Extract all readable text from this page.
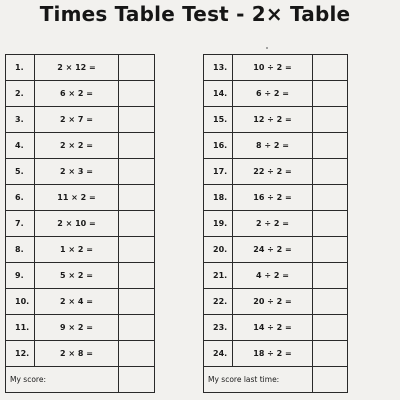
Times Table Test - 2× Table
1.	2 × 12 =	
2.	6 × 2 =	
3.	2 × 7 =	
4.	2 × 2 =	
5.	2 × 3 =	
6.	11 × 2 =	
7.	2 × 10 =	
8.	1 × 2 =	
9.	5 × 2 =	
10.	2 × 4 =	
11.	9 × 2 =	
12.	2 × 8 =	
My score:		
13.	10 ÷ 2 =	
14.	6 ÷ 2 =	
15.	12 ÷ 2 =	
16.	8 ÷ 2 =	
17.	22 ÷ 2 =	
18.	16 ÷ 2 =	
19.	2 ÷ 2 =	
20.	24 ÷ 2 =	
21.	4 ÷ 2 =	
22.	20 ÷ 2 =	
23.	14 ÷ 2 =	
24.	18 ÷ 2 =	
My score last time:		
